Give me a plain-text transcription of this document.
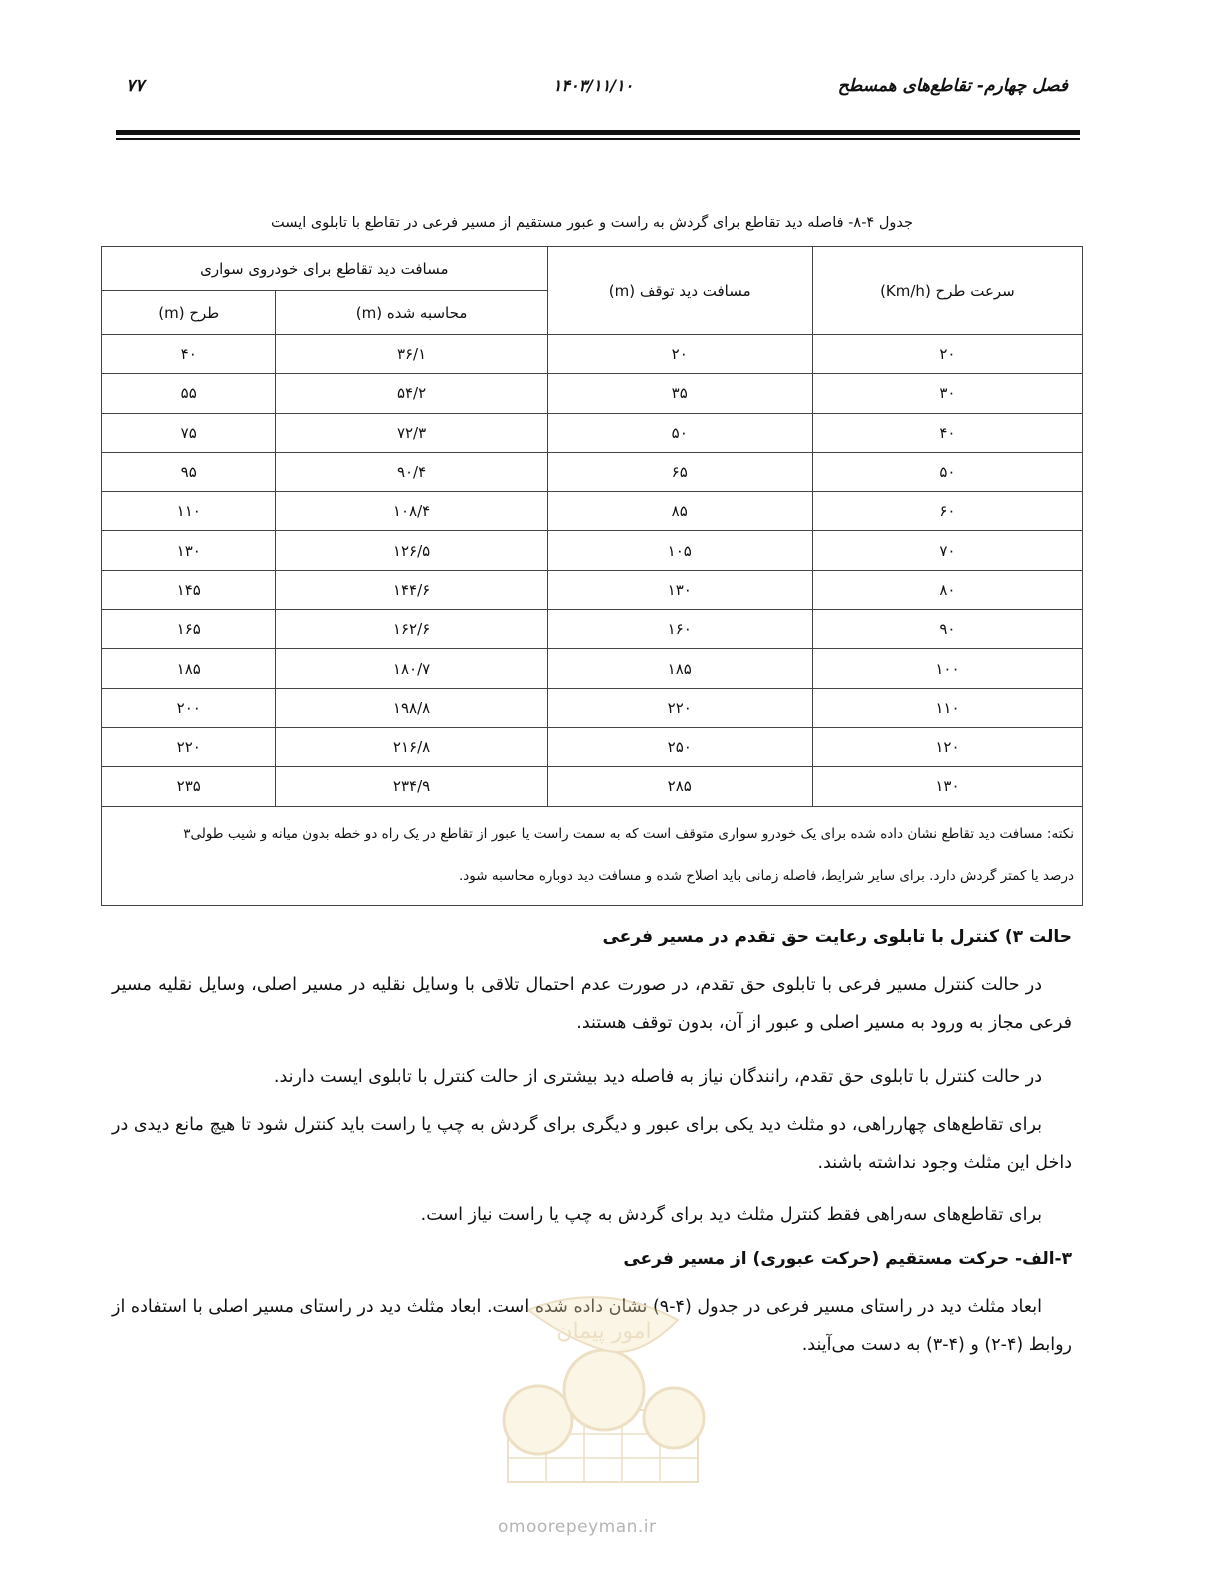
فصل چهارم- تقاطع‌های همسطح
۱۴۰۳/۱۱/۱۰
۷۷
جدول ۴-۸- فاصله دید تقاطع برای گردش به راست و عبور مستقیم از مسیر فرعی در تقاطع با تابلوی ایست
سرعت طرح (Km/h)	مسافت دید توقف (m)	مسافت دید تقاطع برای خودروی سواری	
		محاسبه شده (m)	طرح (m)
۲۰	۲۰	۳۶/۱	۴۰
۳۰	۳۵	۵۴/۲	۵۵
۴۰	۵۰	۷۲/۳	۷۵
۵۰	۶۵	۹۰/۴	۹۵
۶۰	۸۵	۱۰۸/۴	۱۱۰
۷۰	۱۰۵	۱۲۶/۵	۱۳۰
۸۰	۱۳۰	۱۴۴/۶	۱۴۵
۹۰	۱۶۰	۱۶۲/۶	۱۶۵
۱۰۰	۱۸۵	۱۸۰/۷	۱۸۵
۱۱۰	۲۲۰	۱۹۸/۸	۲۰۰
۱۲۰	۲۵۰	۲۱۶/۸	۲۲۰
۱۳۰	۲۸۵	۲۳۴/۹	۲۳۵

نکته: مسافت دید تقاطع نشان داده شده برای یک خودرو سواری متوقف است که به سمت راست یا عبور از تقاطع در یک راه دو خطه بدون میانه و شیب طولی۳
درصد یا کمتر گردش دارد. برای سایر شرایط، فاصله زمانی باید اصلاح شده و مسافت دید دوباره محاسبه شود.			
حالت ۳) کنترل با تابلوی رعایت حق تقدم در مسیر فرعی
در حالت کنترل مسیر فرعی با تابلوی حق تقدم، در صورت عدم احتمال تلاقی با وسایل نقلیه در مسیر اصلی، وسایل نقلیه مسیر فرعی مجاز به ورود به مسیر اصلی و عبور از آن، بدون توقف هستند.
در حالت کنترل با تابلوی حق تقدم، رانندگان نیاز به فاصله دید بیشتری از حالت کنترل با تابلوی ایست دارند.
برای تقاطع‌های چهارراهی، دو مثلث دید یکی برای عبور و دیگری برای گردش به چپ یا راست باید کنترل شود تا هیچ مانع دیدی در داخل این مثلث وجود نداشته باشند.
برای تقاطع‌های سه‌راهی فقط کنترل مثلث دید برای گردش به چپ یا راست نیاز است.
۳-الف- حرکت مستقیم (حرکت عبوری) از مسیر فرعی
ابعاد مثلث دید در راستای مسیر فرعی در جدول (۴-۹) نشان داده شده است. ابعاد مثلث دید در راستای مسیر اصلی با استفاده از روابط (۴-۲) و (۴-۳) به دست می‌آیند.
امور پیمان
omoorepeyman.ir
